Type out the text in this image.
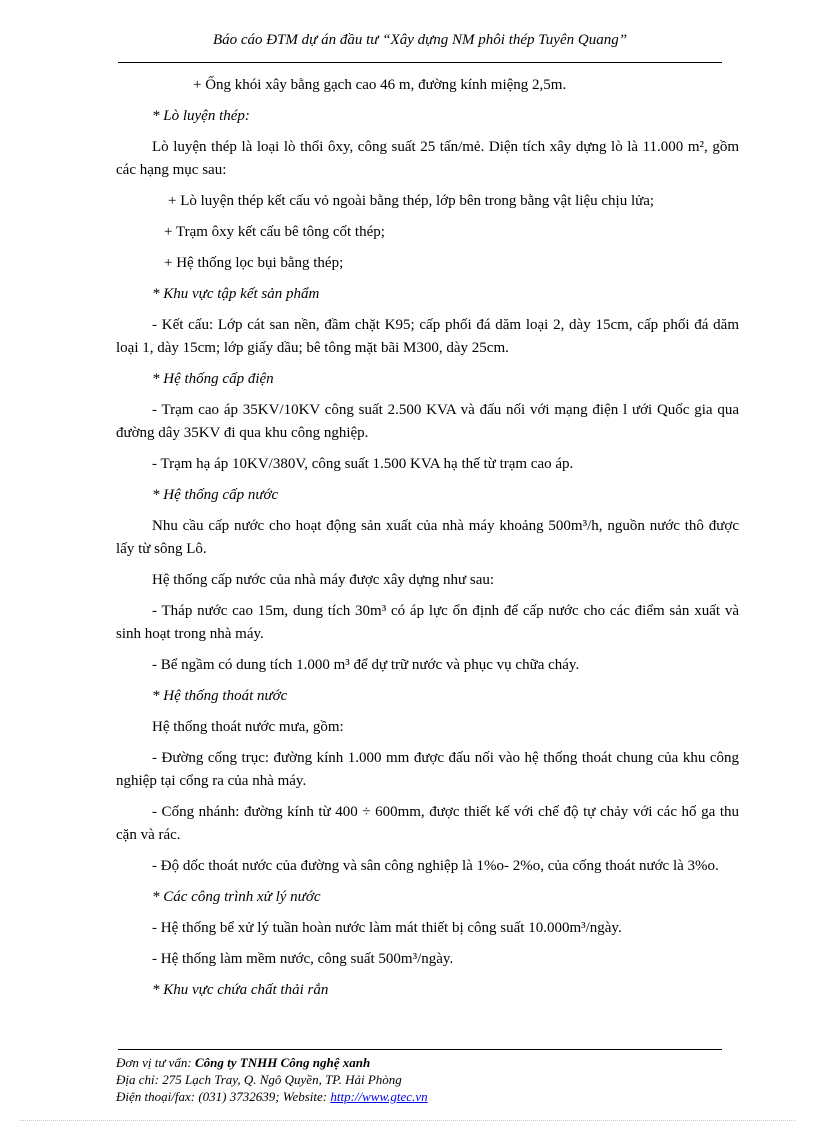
Báo cáo ĐTM dự án đầu tư “Xây dựng NM phôi thép Tuyên Quang”

+ Ống khói xây bằng gạch cao 46 m, đường kính miệng 2,5m.

* Lò luyện thép:

Lò luyện thép là loại lò thổi ôxy, công suất 25 tấn/mẻ. Diện tích xây dựng lò là 11.000 m², gồm các hạng mục sau:

+ Lò luyện thép kết cấu vỏ ngoài bằng thép, lớp bên trong bằng vật liệu chịu lửa;

+ Trạm ôxy kết cấu bê tông cốt thép;

+ Hệ thống lọc bụi bằng thép;

* Khu vực tập kết sản phẩm

- Kết cấu: Lớp cát san nền, đầm chặt K95; cấp phối đá dăm loại 2, dày 15cm, cấp phối đá dăm loại 1, dày 15cm; lớp giấy dầu; bê tông mặt bãi M300, dày 25cm.

* Hệ thống cấp điện

- Trạm cao áp 35KV/10KV công suất 2.500 KVA và đấu nối với mạng điện l ưới Quốc gia qua đường dây 35KV đi qua khu công nghiệp.

- Trạm hạ áp 10KV/380V, công suất 1.500 KVA hạ thế từ trạm cao áp.

* Hệ thống cấp nước

Nhu cầu cấp nước cho hoạt động sản xuất của nhà máy khoảng 500m³/h, nguồn nước thô được lấy từ sông Lô.

Hệ thống cấp nước của nhà máy được xây dựng như sau:

- Tháp nước cao 15m, dung tích 30m³ có áp lực ổn định để cấp nước cho các điểm sản xuất và sinh hoạt trong nhà máy.

- Bể ngầm có dung tích 1.000 m³ để dự trữ nước và phục vụ chữa cháy.

* Hệ thống thoát nước

Hệ thống thoát nước mưa, gồm:

- Đường cống trục: đường kính 1.000 mm được đấu nối vào hệ thống thoát chung của khu công nghiệp tại cổng ra của nhà máy.

- Cống nhánh: đường kính từ 400 ÷ 600mm, được thiết kế với chế độ tự chảy với các hố ga thu cặn và rác.

- Độ dốc thoát nước của đường và sân công nghiệp là 1%o- 2%o, của cống thoát nước là 3%o.

* Các công trình xử lý nước

- Hệ thống bể xử lý tuần hoàn nước làm mát thiết bị công suất 10.000m³/ngày.

- Hệ thống làm mềm nước, công suất 500m³/ngày.

* Khu vực chứa chất thải rắn

Đơn vị tư vấn: Công ty TNHH Công nghệ xanh
Địa chỉ: 275 Lạch Tray, Q. Ngô Quyền, TP. Hải Phòng
Điện thoại/fax: (031) 3732639; Website: http://www.gtec.vn
